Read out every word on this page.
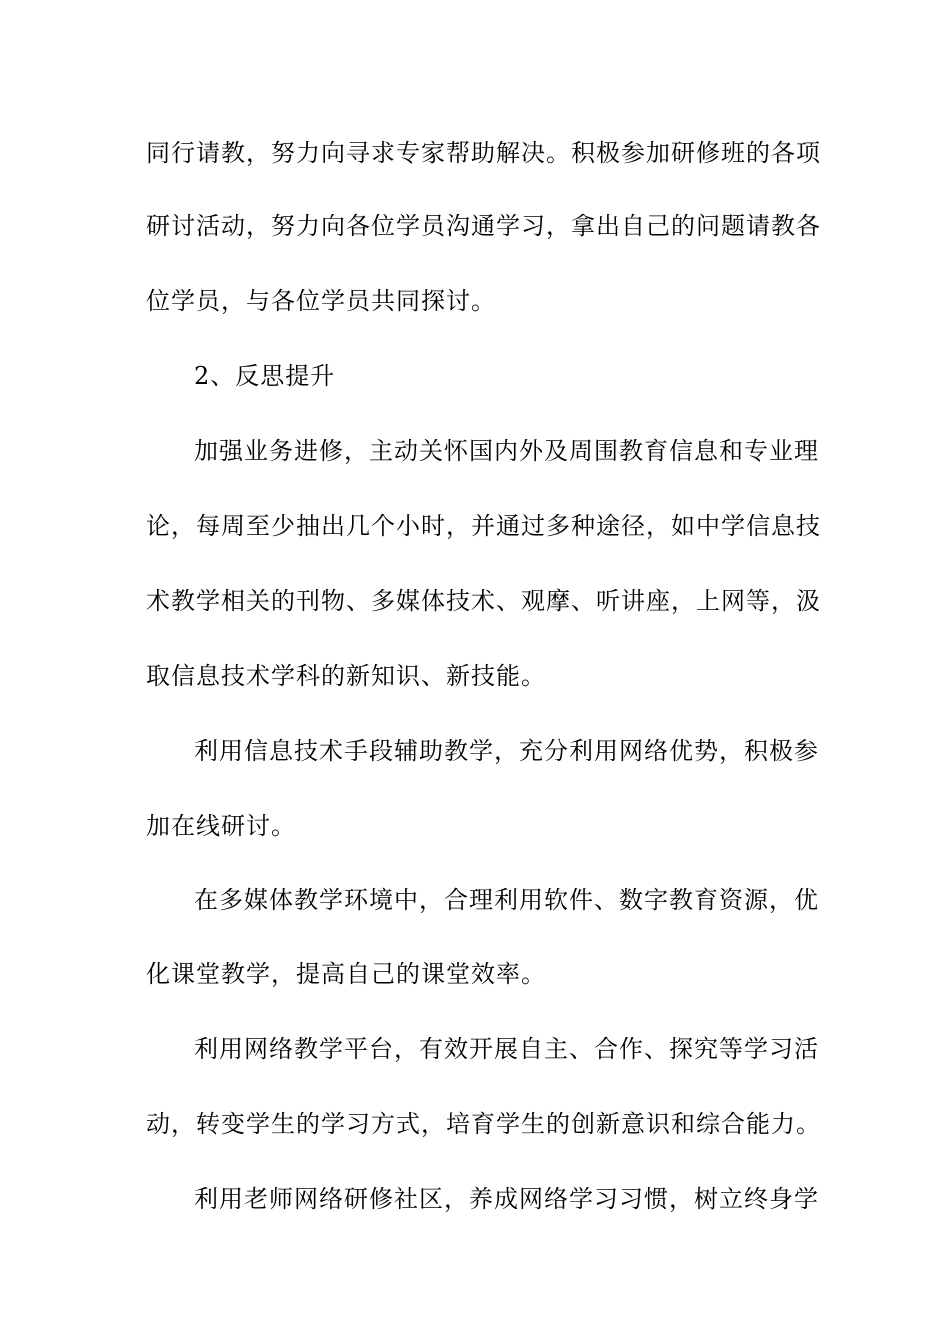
同行请教，努力向寻求专家帮助解决。积极参加研修班的各项
研讨活动，努力向各位学员沟通学习，拿出自己的问题请教各
位学员，与各位学员共同探讨。
2、反思提升
加强业务进修，主动关怀国内外及周围教育信息和专业理
论，每周至少抽出几个小时，并通过多种途径，如中学信息技
术教学相关的刊物、多媒体技术、观摩、听讲座，上网等，汲
取信息技术学科的新知识、新技能。
利用信息技术手段辅助教学，充分利用网络优势，积极参
加在线研讨。
在多媒体教学环境中，合理利用软件、数字教育资源，优
化课堂教学，提高自己的课堂效率。
利用网络教学平台，有效开展自主、合作、探究等学习活
动，转变学生的学习方式，培育学生的创新意识和综合能力。
利用老师网络研修社区，养成网络学习习惯，树立终身学
